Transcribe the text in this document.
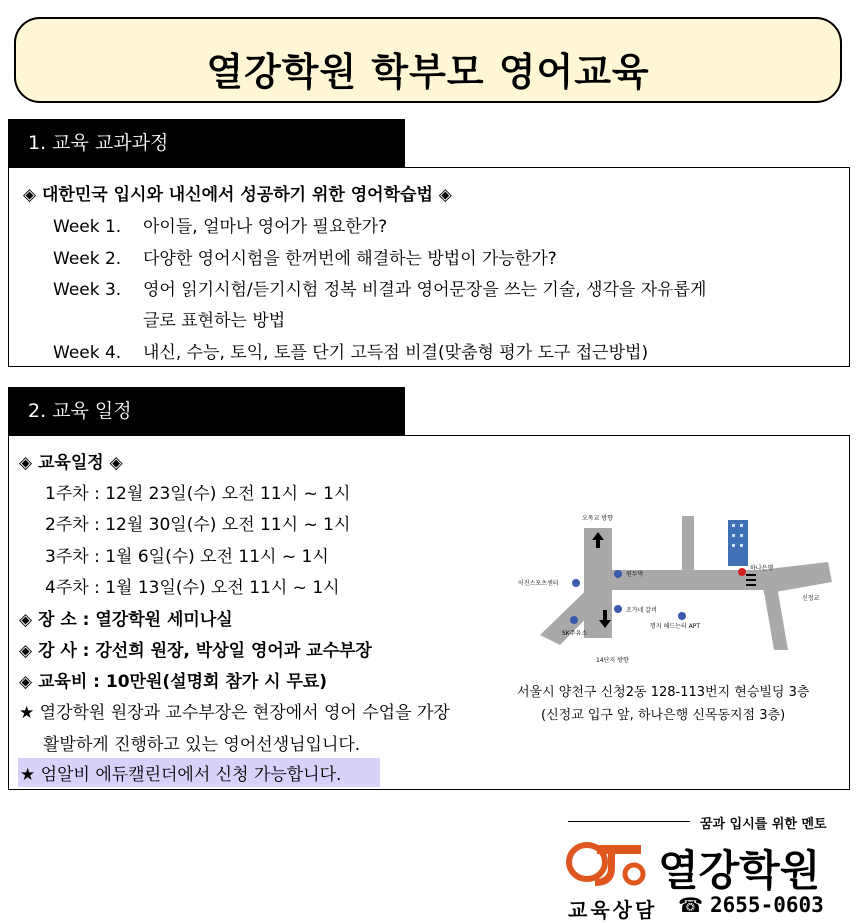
열강학원 학부모 영어교육
1. 교육 교과과정
◈ 대한민국 입시와 내신에서 성공하기 위한 영어학습법 ◈
Week 1. 아이들, 얼마나 영어가 필요한가?
Week 2. 다양한 영어시험을 한꺼번에 해결하는 방법이 가능한가?
Week 3. 영어 읽기시험/듣기시험 정복 비결과 영어문장을 쓰는 기술, 생각을 자유롭게
글로 표현하는 방법
Week 4. 내신, 수능, 토익, 토플 단기 고득점 비결(맞춤형 평가 도구 접근방법)
2. 교육 일정
◈ 교육일정 ◈
1주차 : 12월 23일(수) 오전 11시 ~ 1시
2주차 : 12월 30일(수) 오전 11시 ~ 1시
3주차 : 1월 6일(수) 오전 11시 ~ 1시
4주차 : 1월 13일(수) 오전 11시 ~ 1시
◈ 장 소 : 열강학원 세미나실
◈ 강 사 : 강선희 원장, 박상일 영어과 교수부장
◈ 교육비 : 10만원(설명회 참가 시 무료)
★ 열강학원 원장과 교수부장은 현장에서 영어 수업을 가장
활발하게 진행하고 있는 영어선생님입니다.
★ 엄알비 에듀캘린더에서 신청 가능합니다.
서울시 양천구 신청2동 128-113번지 현승빌딩 3층
(신정교 입구 앞, 하나은행 신목동지점 3층)
오목교 방향
14단지 방향
원두막
이진스포츠센터
조가네 갈비
SK주유소
명지 해드는터 APT
하나은행
신정교
꿈과 입시를 위한 멘토
열강학원
교육상담 ☎ 2655-0603
